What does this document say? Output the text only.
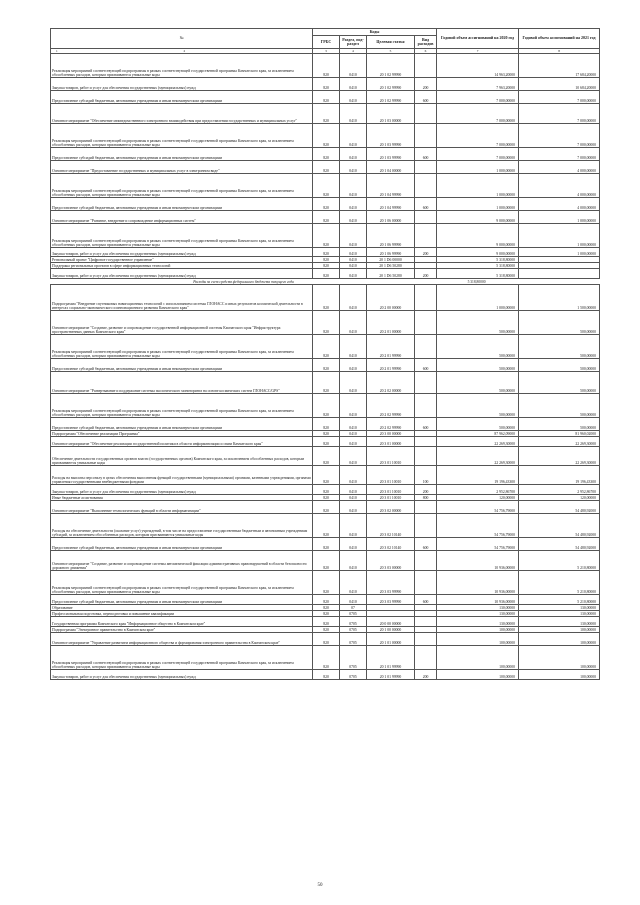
№	Коды				Годовой объем ассигнований на 2020 год	Годовой объем ассигнований на 2021 год
	ГРБС	Раздел, под-раздел	Целевая статья	Вид расходов		

1 2	3	4	5	6	7	8
Реализация мероприятий соответствующей подпрограммы в рамках соответствующей государственной программы Камчатского края, за исключением обособленных расходов, которым присваиваются уникальные коды	820	0410	20 1 02 99990		14 963,20000	17 684,20000
Закупка товаров, работ и услуг для обеспечения государственных (муниципальных) нужд	820	0410	20 1 02 99990	200	7 963,20000	10 684,20000
Предоставление субсидий бюджетным, автономным учреждениям и иным некоммерческим организациям	820	0410	20 1 02 99990	600	7 000,00000	7 000,00000
Основное мероприятие "Обеспечение межведомственного электронного взаимодействия при предоставлении государственных и муниципальных услуг"	820	0410	20 1 03 00000		7 000,00000	7 000,00000
Реализация мероприятий соответствующей подпрограммы в рамках соответствующей государственной программы Камчатского края, за исключением обособленных расходов, которым присваиваются уникальные коды	820	0410	20 1 03 99990		7 000,00000	7 000,00000
Предоставление субсидий бюджетным, автономным учреждениям и иным некоммерческим организациям	820	0410	20 1 03 99990	600	7 000,00000	7 000,00000
Основное мероприятие "Предоставление государственных и муниципальных услуг в электронном виде"	820	0410	20 1 04 00000		1 000,00000	4 000,00000
Реализация мероприятий соответствующей подпрограммы в рамках соответствующей государственной программы Камчатского края, за исключением обособленных расходов, которым присваиваются уникальные коды	820	0410	20 1 04 99990		1 000,00000	4 000,00000
Предоставление субсидий бюджетным, автономным учреждениям и иным некоммерческим организациям	820	0410	20 1 04 99990	600	1 000,00000	4 000,00000
Основное мероприятие "Развитие, внедрение и сопровождение информационных систем"	820	0410	20 1 06 00000		9 000,00000	1 000,00000
Реализация мероприятий соответствующей подпрограммы в рамках соответствующей государственной программы Камчатского края, за исключением обособленных расходов, которым присваиваются уникальные коды	820	0410	20 1 06 99990		9 000,00000	1 000,00000
Закупка товаров, работ и услуг для обеспечения государственных (муниципальных) нужд	820	0410	20 1 06 99990	200	9 000,00000	1 000,00000
Региональный проект "Цифровое государственное управление"	820	0410	20 1 D6 00000		5 318,80000	
Поддержка региональных проектов в сфере информационных технологий	820	0410	20 1 D6 50280		5 318,80000	
Закупка товаров, работ и услуг для обеспечения государственных (муниципальных) нужд	820	0410	20 1 D6 50280	200	5 318,80000	
Расходы за счет средств федерального бюджета текущего года					5 318,80000	
Подпрограмма "Внедрение спутниковых навигационных технологий с использованием системы ГЛОНАСС и иных результатов космической деятельности в интересах социально-экономического и инновационного развития Камчатского края"	820	0410	20 2 00 00000		1 000,00000	1 500,00000
Основное мероприятие "Создание, развитие и сопровождение государственной информационной системы Камчатского края "Инфраструктура пространственных данных Камчатского края"	820	0410	20 2 01 00000		500,00000	500,00000
Реализация мероприятий соответствующей подпрограммы в рамках соответствующей государственной программы Камчатского края, за исключением обособленных расходов, которым присваиваются уникальные коды	820	0410	20 2 01 99990		500,00000	500,00000
Предоставление субсидий бюджетным, автономным учреждениям и иным некоммерческим организациям	820	0410	20 2 01 99990	600	500,00000	500,00000
Основное мероприятие "Развертывание и поддержание системы экологического мониторинга на основе космических систем ГЛОНАСС/GPS"	820	0410	20 2 02 00000		500,00000	500,00000
Реализация мероприятий соответствующей подпрограммы в рамках соответствующей государственной программы Камчатского края, за исключением обособленных расходов, которым присваиваются уникальные коды	820	0410	20 2 02 99990		500,00000	500,00000
Предоставление субсидий бюджетным, автономным учреждениям и иным некоммерческим организациям	820	0410	20 2 02 99990	600	500,00000	500,00000
Подпрограмма "Обеспечение реализации Программы"	820	0410	20 3 00 00000		87 962,09000	81 960,02000
Основное мероприятие "Обеспечение реализации государственной политики в области информатизации и связи Камчатского края"	820	0410	20 3 01 00000		22 269,30000	22 269,30000
Обеспечение деятельности государственных органов власти (государственных органов) Камчатского края, за исключением обособленных расходов, которым присваиваются уникальные коды	820	0410	20 3 01 10010		22 269,30000	22 269,30000
Расходы на выплаты персоналу в целях обеспечения выполнения функций государственными (муниципальными) органами, казенными учреждениями, органами управления государственными внебюджетными фондами	820	0410	20 3 01 10010	100	19 196,43300	19 196,43300
Закупка товаров, работ и услуг для обеспечения государственных (муниципальных) нужд	820	0410	20 3 01 10010	200	2 952,86700	2 952,86700
Иные бюджетные ассигнования	820	0410	20 3 01 10010	800	120,00000	120,00000
Основное мероприятие "Выполнение технологических функций в области информатизации"	820	0410	20 3 02 00000		54 756,79000	54 480,92000
Расходы на обеспечение деятельности (оказание услуг) учреждений, в том числе на предоставление государственным бюджетным и автономным учреждениям субсидий, за исключением обособленных расходов, которым присваиваются уникальные коды	820	0410	20 3 02 10140		54 756,79000	54 480,92000
Предоставление субсидий бюджетным, автономным учреждениям и иным некоммерческим организациям	820	0410	20 3 02 10140	600	54 756,79000	54 480,92000
Основное мероприятие "Создание, развитие и сопровождение системы автоматической фиксации административных правонарушений в области безопасности дорожного движения"	820	0410	20 3 03 00000		10 936,00000	5 210,80000
Реализация мероприятий соответствующей подпрограммы в рамках соответствующей государственной программы Камчатского края, за исключением обособленных расходов, которым присваиваются уникальные коды	820	0410	20 3 03 99990		10 936,00000	5 210,80000
Предоставление субсидий бюджетным, автономным учреждениям и иным некоммерческим организациям	820	0410	20 3 03 99990	600	10 936,00000	5 210,80000
Образование	820	07			130,00000	130,00000
Профессиональная подготовка, переподготовка и повышение квалификации	820	0705			130,00000	130,00000
Государственная программа Камчатского края "Информационное общество в Камчатском крае"	820	0705	20 0 00 00000		130,00000	130,00000
Подпрограмма "Электронное правительство в Камчатском крае"	820	0705	20 1 00 00000		100,00000	100,00000
Основное мероприятие "Управление развитием информационного общества и формирования электронного правительства в Камчатском крае"	820	0705	20 1 01 00000		100,00000	100,00000
Реализация мероприятий соответствующей подпрограммы в рамках соответствующей государственной программы Камчатского края, за исключением обособленных расходов, которым присваиваются уникальные коды	820	0705	20 1 01 99990		100,00000	100,00000
Закупка товаров, работ и услуг для обеспечения государственных (муниципальных) нужд	820	0705	20 1 01 99990	200	100,00000	100,00000
50
